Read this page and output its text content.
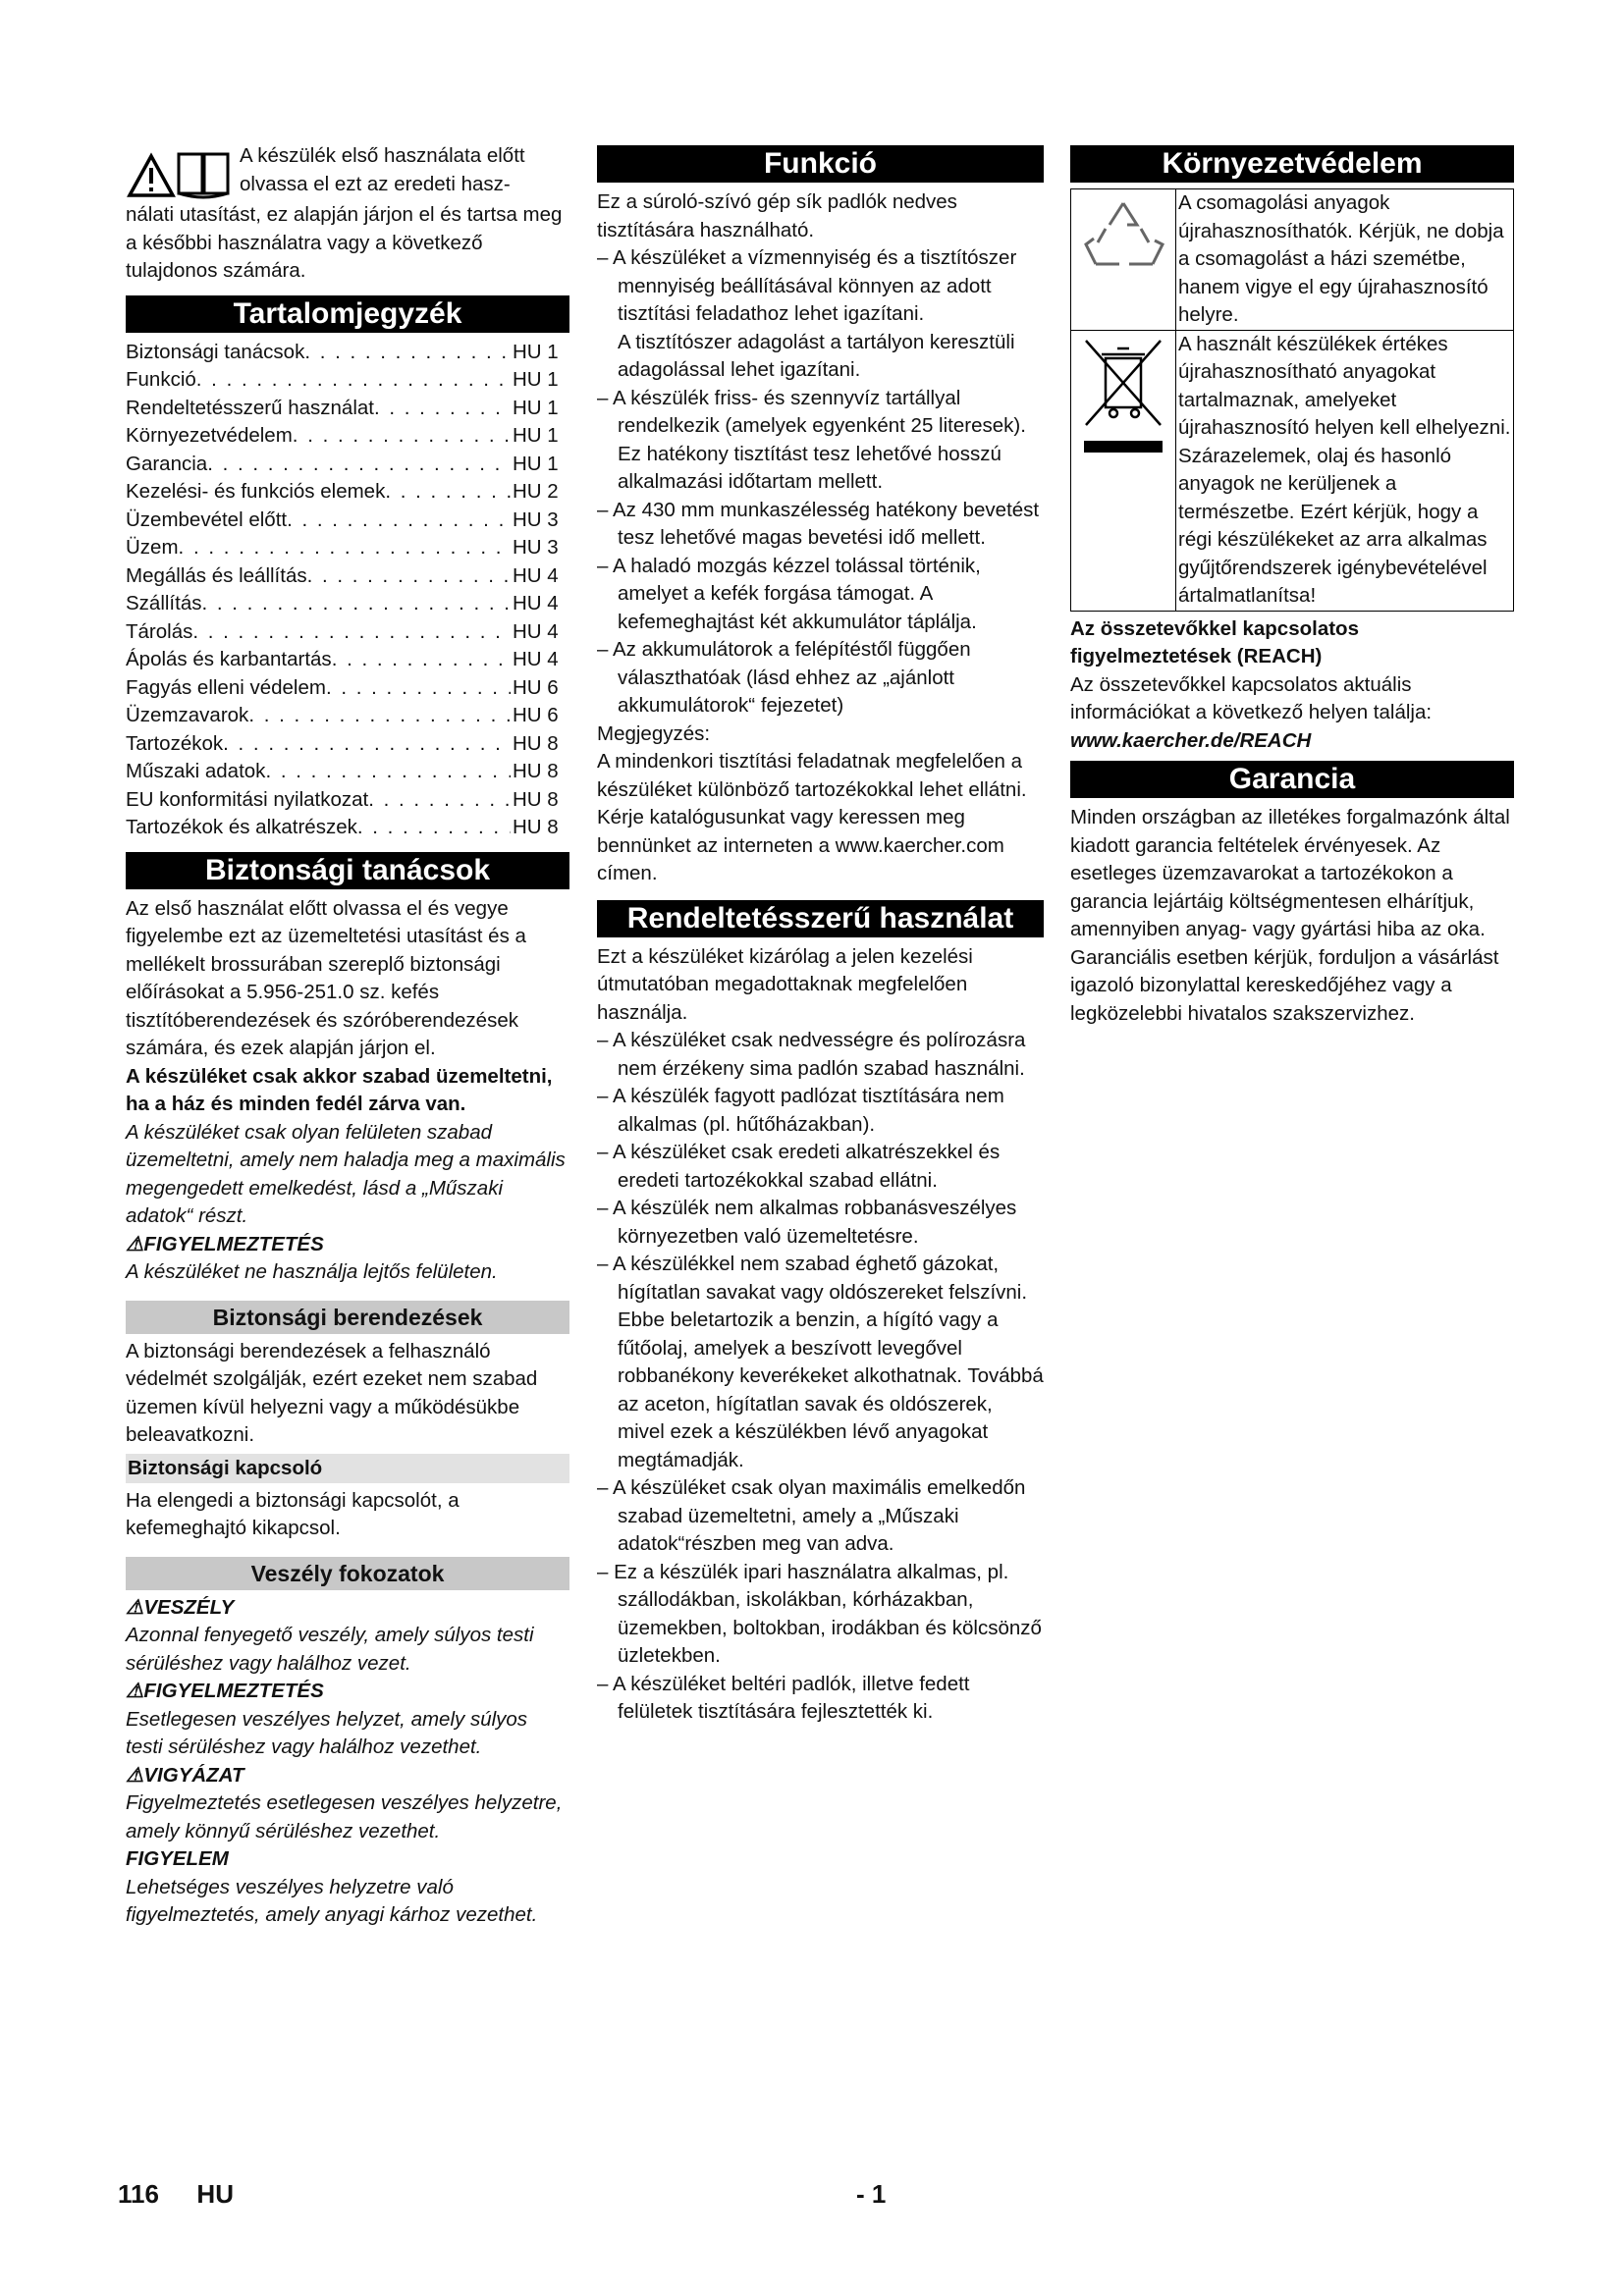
A készülék első használata előtt

olvassa el ezt az eredeti hasz-

nálati utasítást, ez alapján járjon el és tartsa meg a későbbi használatra vagy a következő tulajdonos számára.

Tartalomjegyzék
Biztonsági tanácsok . . .	HU 1
Funkció . . .	HU 1
Rendeltetésszerű használat . . .	HU 1
Környezetvédelem . . .	HU 1
Garancia . . .	HU 1
Kezelési- és funkciós elemek . . .	HU 2
Üzembevétel előtt . . .	HU 3
Üzem . . .	HU 3
Megállás és leállítás . . .	HU 4
Szállítás . . .	HU 4
Tárolás . . .	HU 4
Ápolás és karbantartás . . .	HU 4
Fagyás elleni védelem . . .	HU 6
Üzemzavarok . . .	HU 6
Tartozékok . . .	HU 8
Műszaki adatok . . .	HU 8
EU konformitási nyilatkozat . . .	HU 8
Tartozékok és alkatrészek . . .	HU 8
Biztonsági tanácsok

Az első használat előtt olvassa el és vegye figyelembe ezt az üzemeltetési utasítást és a mellékelt brossurában szereplő biztonsági előírásokat a 5.956-251.0 sz. kefés tisztítóberendezések és szóróberendezések számára, és ezek alapján járjon el.

A készüléket csak akkor szabad üzemeltetni, ha a ház és minden fedél zárva van.

A készüléket csak olyan felületen szabad üzemeltetni, amely nem haladja meg a maximális megengedett emelkedést, lásd a „Műszaki adatok“ részt.

⚠FIGYELMEZTETÉS

A készüléket ne használja lejtős felületen.

Biztonsági berendezések

A biztonsági berendezések a felhasználó védelmét szolgálják, ezért ezeket nem szabad üzemen kívül helyezni vagy a működésükbe beleavatkozni.

Biztonsági kapcsoló

Ha elengedi a biztonsági kapcsolót, a kefemeghajtó kikapcsol.

Veszély fokozatok

⚠VESZÉLY

Azonnal fenyegető veszély, amely súlyos testi sérüléshez vagy halálhoz vezet.

⚠FIGYELMEZTETÉS

Esetlegesen veszélyes helyzet, amely súlyos testi sérüléshez vagy halálhoz vezethet.

⚠VIGYÁZAT

Figyelmeztetés esetlegesen veszélyes helyzetre, amely könnyű sérüléshez vezethet.

FIGYELEM

Lehetséges veszélyes helyzetre való figyelmeztetés, amely anyagi kárhoz vezethet.

Funkció

Ez a súroló-szívó gép sík padlók nedves tisztítására használható.

– A készüléket a vízmennyiség és a tisztítószer mennyiség beállításával könnyen az adott tisztítási feladathoz lehet igazítani.

A tisztítószer adagolást a tartályon keresztüli adagolással lehet igazítani.

– A készülék friss- és szennyvíz tartállyal rendelkezik (amelyek egyenként 25 literesek). Ez hatékony tisztítást tesz lehetővé hosszú alkalmazási időtartam mellett.

– Az 430 mm munkaszélesség hatékony bevetést tesz lehetővé magas bevetési idő mellett.

– A haladó mozgás kézzel tolással történik, amelyet a kefék forgása támogat. A kefemeghajtást két akkumulátor táplálja.

– Az akkumulátorok a felépítéstől függően választhatóak (lásd ehhez az „ajánlott akkumulátorok“ fejezetet)

Megjegyzés:

A mindenkori tisztítási feladatnak megfelelően a készüléket különböző tartozékokkal lehet ellátni.

Kérje katalógusunkat vagy keressen meg bennünket az interneten a www.kaercher.com címen.

Rendeltetésszerű használat

Ezt a készüléket kizárólag a jelen kezelési útmutatóban megadottaknak megfelelően használja.

– A készüléket csak nedvességre és polírozásra nem érzékeny sima padlón szabad használni.

– A készülék fagyott padlózat tisztítására nem alkalmas (pl. hűtőházakban).

– A készüléket csak eredeti alkatrészekkel és eredeti tartozékokkal szabad ellátni.

– A készülék nem alkalmas robbanásveszélyes környezetben való üzemeltetésre.

– A készülékkel nem szabad éghető gázokat, hígítatlan savakat vagy oldószereket felszívni.

Ebbe beletartozik a benzin, a hígító vagy a fűtőolaj, amelyek a beszívott levegővel robbanékony keverékeket alkothatnak. Továbbá az aceton, hígítatlan savak és oldószerek, mivel ezek a készülékben lévő anyagokat megtámadják.

– A készüléket csak olyan maximális emelkedőn szabad üzemeltetni, amely a „Műszaki adatok“részben meg van adva.

– Ez a készülék ipari használatra alkalmas, pl. szállodákban, iskolákban, kórházakban, üzemekben, boltokban, irodákban és kölcsönző üzletekben.

– A készüléket beltéri padlók, illetve fedett felületek tisztítására fejlesztették ki.

Környezetvédelem
	A csomagolási anyagok újrahasznosíthatók. Kérjük, ne dobja a csomagolást a házi szemétbe, hanem vigye el egy újrahasznosító helyre.
	A használt készülékek értékes újrahasznosítható anyagokat tartalmaznak, amelyeket újrahasznosító helyen kell elhelyezni. Szárazelemek, olaj és hasonló anyagok ne kerüljenek a természetbe. Ezért kérjük, hogy a régi készülékeket az arra alkalmas gyűjtőrendszerek igénybevételével ártalmatlanítsa!

Az összetevőkkel kapcsolatos figyelmeztetések (REACH)

Az összetevőkkel kapcsolatos aktuális információkat a következő helyen találja:

www.kaercher.de/REACH

Garancia

Minden országban az illetékes forgalmazónk által kiadott garancia feltételek érvényesek. Az esetleges üzemzavarokat a tartozékokon a garancia lejártáig költségmentesen elhárítjuk, amennyiben anyag- vagy gyártási hiba az oka. Garanciális esetben kérjük, forduljon a vásárlást igazoló bizonylattal kereskedőjéhez vagy a legközelebbi hivatalos szakszervizhez.

116 HU	- 1
